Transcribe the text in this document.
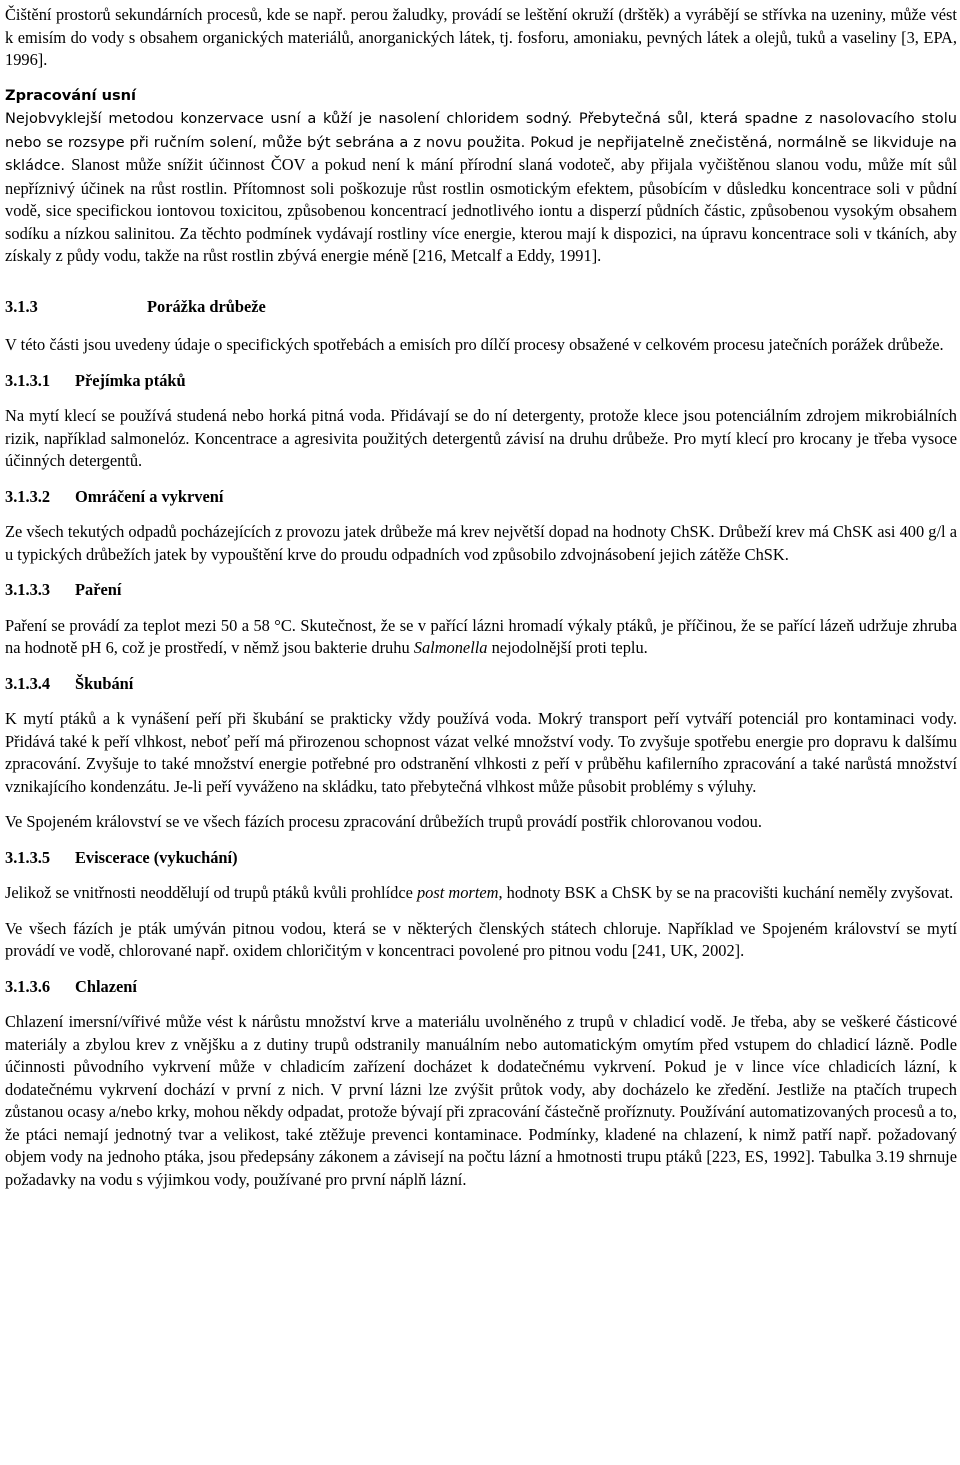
Čištění prostorů sekundárních procesů, kde se např. perou žaludky, provádí se leštění okruží (drštěk) a vyrábějí se střívka na uzeniny, může vést k emisím do vody s obsahem organických materiálů, anorganických látek, tj. fosforu, amoniaku, pevných látek a olejů, tuků a vaseliny [3, EPA, 1996].

Zpracování usní

Nejobvyklejší metodou konzervace usní a kůží je nasolení chloridem sodný. Přebytečná sůl, která spadne z nasolovacího stolu nebo se rozsype při ručním solení, může být sebrána a z novu použita. Pokud je nepřijatelně znečistěná, normálně se likviduje na skládce. Slanost může snížit účinnost ČOV a pokud není k mání přírodní slaná vodoteč, aby přijala vyčištěnou slanou vodu, může mít sůl nepříznivý účinek na růst rostlin. Přítomnost soli poškozuje růst rostlin osmotickým efektem, působícím v důsledku koncentrace soli v půdní vodě, sice specifickou iontovou toxicitou, způsobenou koncentrací jednotlivého iontu a disperzí půdních částic, způsobenou vysokým obsahem sodíku a nízkou salinitou. Za těchto podmínek vydávají rostliny více energie, kterou mají k dispozici, na úpravu koncentrace soli v tkáních, aby získaly z půdy vodu, takže na růst rostlin zbývá energie méně [216, Metcalf a Eddy, 1991].

3.1.3	Porážka drůbeže

V této části jsou uvedeny údaje o specifických spotřebách a emisích pro dílčí procesy obsažené v celkovém procesu jatečních porážek drůbeže.

3.1.3.1	Přejímka ptáků

Na mytí klecí se používá studená nebo horká pitná voda. Přidávají se do ní detergenty, protože klece jsou potenciálním zdrojem mikrobiálních rizik, například salmonelóz. Koncentrace a agresivita použitých detergentů závisí na druhu drůbeže. Pro mytí klecí pro krocany je třeba vysoce účinných detergentů.

3.1.3.2	Omráčení a vykrvení

Ze všech tekutých odpadů pocházejících z provozu jatek drůbeže má krev největší dopad na hodnoty ChSK. Drůbeží krev má ChSK asi 400 g/l a u typických drůbežích jatek by vypouštění krve do proudu odpadních vod způsobilo zdvojnásobení jejich zátěže ChSK.

3.1.3.3	Paření

Paření se provádí za teplot mezi 50 a 58 °C. Skutečnost, že se v pařící lázni hromadí výkaly ptáků, je příčinou, že se pařící lázeň udržuje zhruba na hodnotě pH 6, což je prostředí, v němž jsou bakterie druhu Salmonella nejodolnější proti teplu.

3.1.3.4	Škubání

K mytí ptáků a k vynášení peří při škubání se prakticky vždy používá voda. Mokrý transport peří vytváří potenciál pro kontaminaci vody. Přidává také k peří vlhkost, neboť peří má přirozenou schopnost vázat velké množství vody. To zvyšuje spotřebu energie pro dopravu k dalšímu zpracování. Zvyšuje to také množství energie potřebné pro odstranění vlhkosti z peří v průběhu kafilerního zpracování a také narůstá množství vznikajícího kondenzátu. Je-li peří vyváženo na skládku, tato přebytečná vlhkost může působit problémy s výluhy.

Ve Spojeném království se ve všech fázích procesu zpracování drůbežích trupů provádí postřik chlorovanou vodou.

3.1.3.5	Eviscerace (vykuchání)

Jelikož se vnitřnosti neoddělují od trupů ptáků kvůli prohlídce post mortem, hodnoty BSK a ChSK by se na pracovišti kuchání neměly zvyšovat.

Ve všech fázích je pták umýván pitnou vodou, která se v některých členských státech chloruje. Například ve Spojeném království se mytí provádí ve vodě, chlorované např. oxidem chloričitým v koncentraci povolené pro pitnou vodu [241, UK, 2002].

3.1.3.6	Chlazení

Chlazení imersní/vířivé může vést k nárůstu množství krve a materiálu uvolněného z trupů v chladicí vodě. Je třeba, aby se veškeré částicové materiály a zbylou krev z vnějšku a z dutiny trupů odstranily manuálním nebo automatickým omytím před vstupem do chladicí lázně. Podle účinnosti původního vykrvení může v chladicím zařízení docházet k dodatečnému vykrvení. Pokud je v lince více chladicích lázní, k dodatečnému vykrvení dochází v první z nich. V první lázni lze zvýšit průtok vody, aby docházelo ke zředění. Jestliže na ptačích trupech zůstanou ocasy a/nebo krky, mohou někdy odpadat, protože bývají při zpracování částečně proříznuty. Používání automatizovaných procesů a to, že ptáci nemají jednotný tvar a velikost, také ztěžuje prevenci kontaminace. Podmínky, kladené na chlazení, k nimž patří např. požadovaný objem vody na jednoho ptáka, jsou předepsány zákonem a závisejí na počtu lázní a hmotnosti trupu ptáků [223, ES, 1992]. Tabulka 3.19 shrnuje požadavky na vodu s výjimkou vody, používané pro první náplň lázní.
